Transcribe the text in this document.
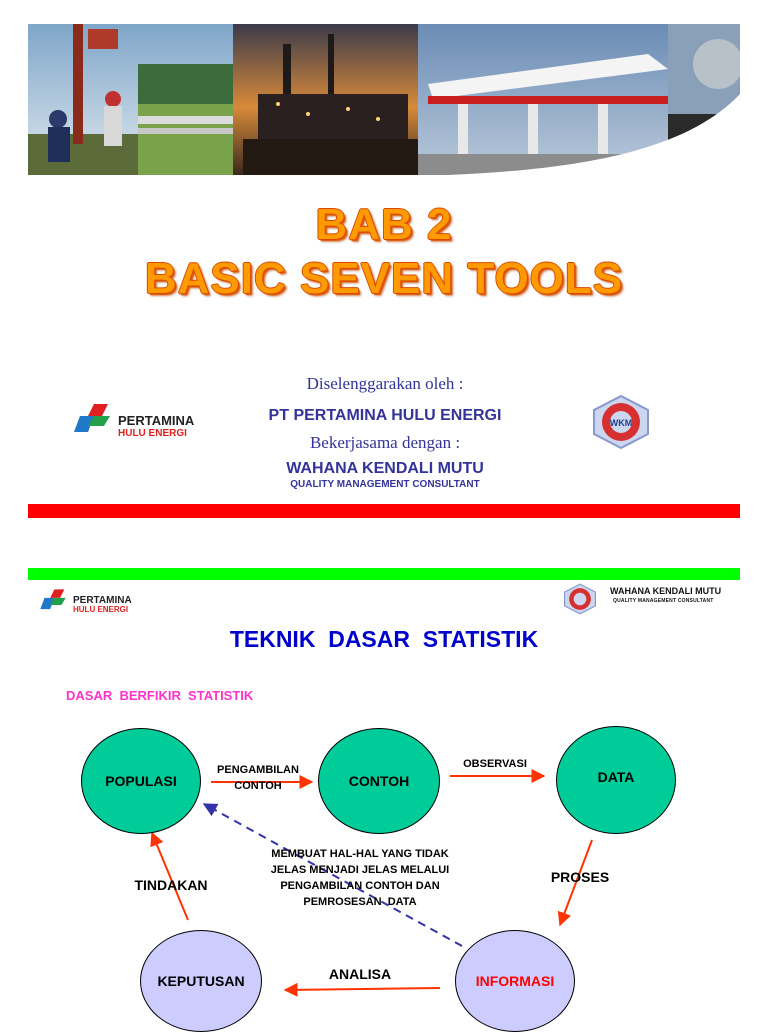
BAB 2
BASIC SEVEN TOOLS
PERTAMINA
HULU ENERGI
Diselenggarakan oleh :
PT PERTAMINA HULU ENERGI
Bekerjasama dengan :
WAHANA KENDALI MUTU
QUALITY MANAGEMENT CONSULTANT
WKM
PERTAMINA
HULU ENERGI
WAHANA KENDALI MUTU
QUALITY MANAGEMENT CONSULTANT
TEKNIK  DASAR  STATISTIK
DASAR  BERFIKIR  STATISTIK
POPULASI	CONTOH	DATA
KEPUTUSAN	INFORMASI
PENGAMBILAN
CONTOH
OBSERVASI
PROSES
ANALISA
TINDAKAN
MEMBUAT HAL-HAL YANG TIDAK
JELAS MENJADI JELAS MELALUI
PENGAMBILAN CONTOH DAN
PEMROSESAN  DATA
